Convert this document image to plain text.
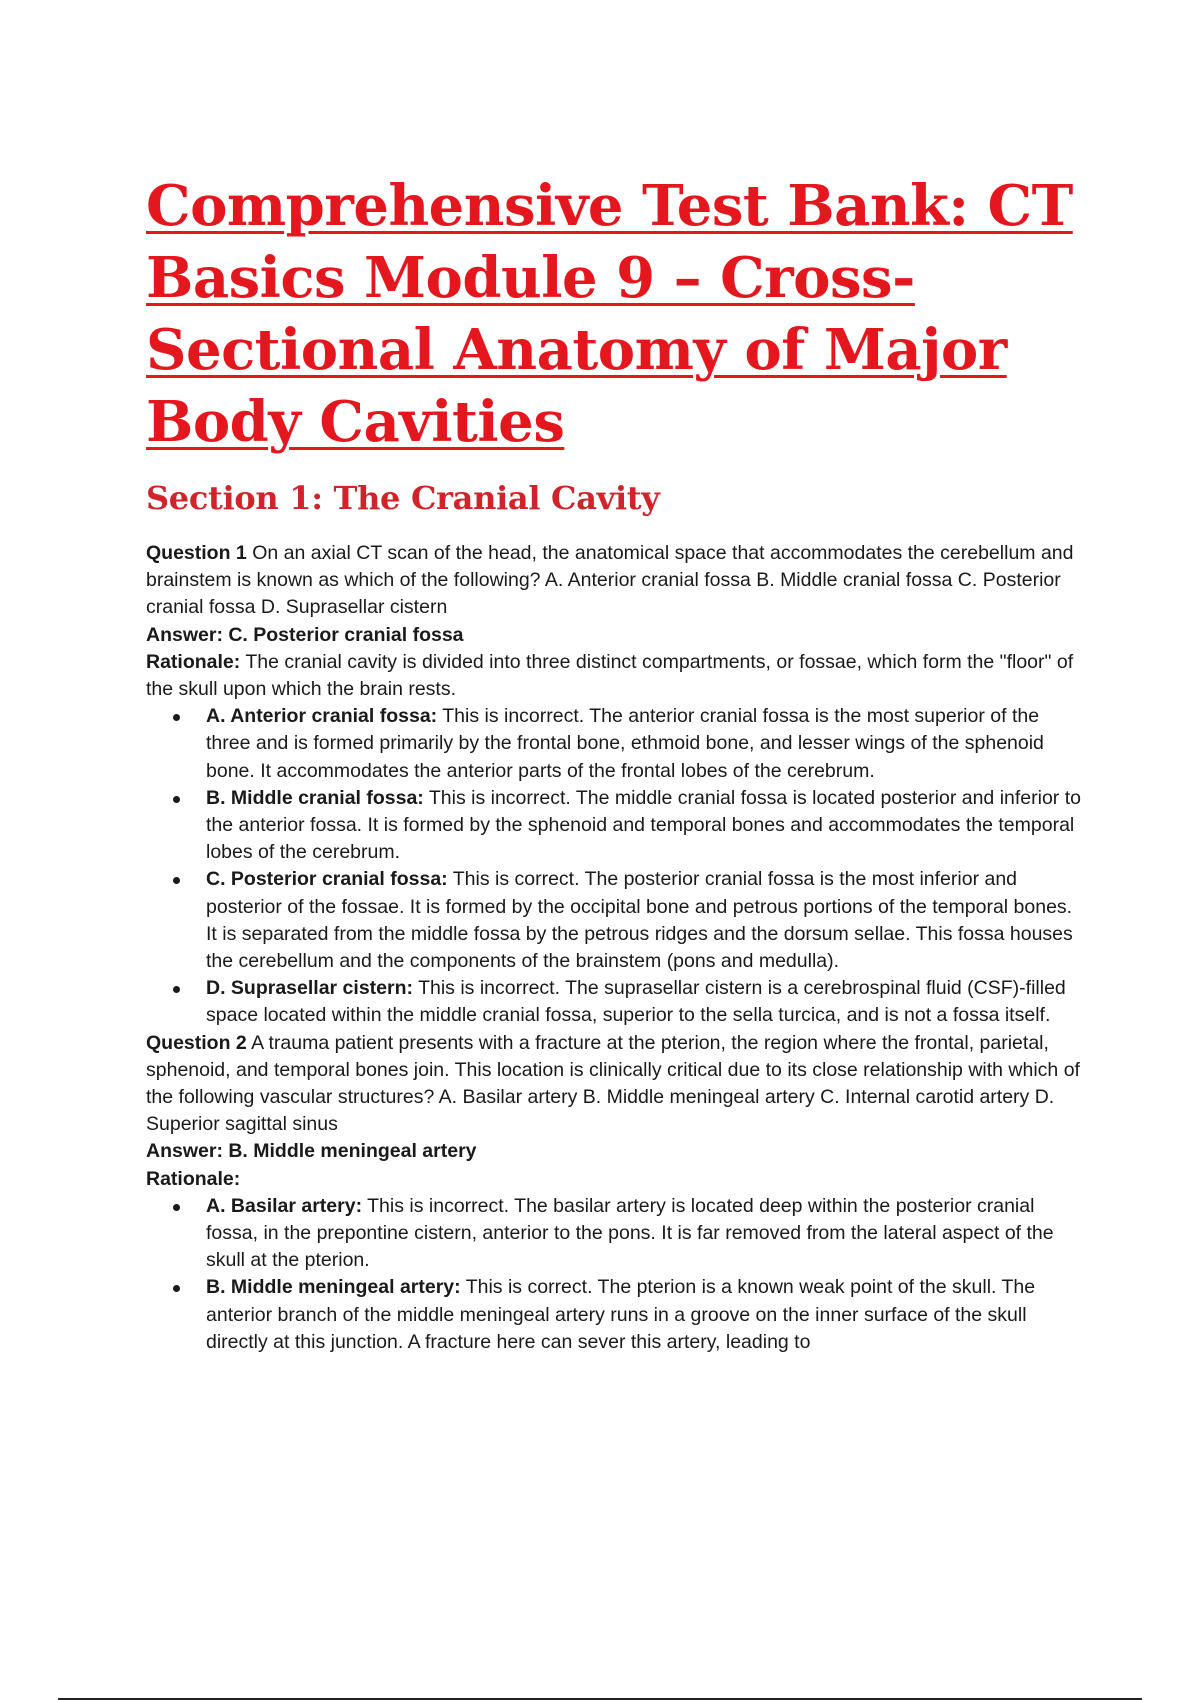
Comprehensive Test Bank: CT Basics Module 9 – Cross-Sectional Anatomy of Major Body Cavities
Section 1: The Cranial Cavity

Question 1 On an axial CT scan of the head, the anatomical space that accommodates the cerebellum and brainstem is known as which of the following? A. Anterior cranial fossa B. Middle cranial fossa C. Posterior cranial fossa D. Suprasellar cistern

Answer: C. Posterior cranial fossa

Rationale: The cranial cavity is divided into three distinct compartments, or fossae, which form the "floor" of the skull upon which the brain rests.

A. Anterior cranial fossa: This is incorrect. The anterior cranial fossa is the most superior of the three and is formed primarily by the frontal bone, ethmoid bone, and lesser wings of the sphenoid bone. It accommodates the anterior parts of the frontal lobes of the cerebrum.
B. Middle cranial fossa: This is incorrect. The middle cranial fossa is located posterior and inferior to the anterior fossa. It is formed by the sphenoid and temporal bones and accommodates the temporal lobes of the cerebrum.
C. Posterior cranial fossa: This is correct. The posterior cranial fossa is the most inferior and posterior of the fossae. It is formed by the occipital bone and petrous portions of the temporal bones. It is separated from the middle fossa by the petrous ridges and the dorsum sellae. This fossa houses the cerebellum and the components of the brainstem (pons and medulla).
D. Suprasellar cistern: This is incorrect. The suprasellar cistern is a cerebrospinal fluid (CSF)-filled space located within the middle cranial fossa, superior to the sella turcica, and is not a fossa itself.

Question 2 A trauma patient presents with a fracture at the pterion, the region where the frontal, parietal, sphenoid, and temporal bones join. This location is clinically critical due to its close relationship with which of the following vascular structures? A. Basilar artery B. Middle meningeal artery C. Internal carotid artery D. Superior sagittal sinus

Answer: B. Middle meningeal artery

Rationale:

A. Basilar artery: This is incorrect. The basilar artery is located deep within the posterior cranial fossa, in the prepontine cistern, anterior to the pons. It is far removed from the lateral aspect of the skull at the pterion.
B. Middle meningeal artery: This is correct. The pterion is a known weak point of the skull. The anterior branch of the middle meningeal artery runs in a groove on the inner surface of the skull directly at this junction. A fracture here can sever this artery, leading to
